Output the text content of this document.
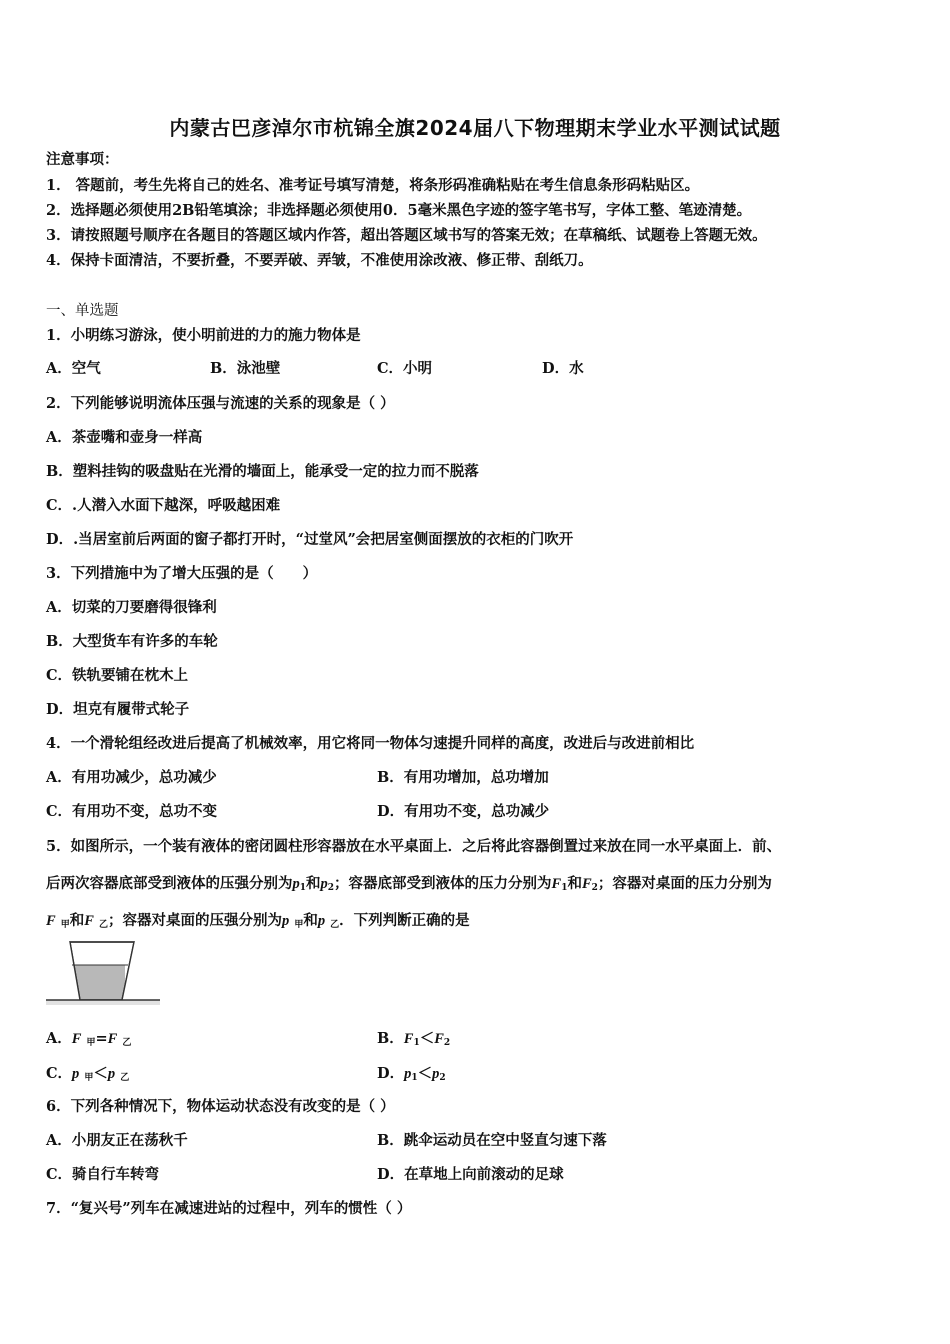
内蒙古巴彦淖尔市杭锦全旗2024届八下物理期末学业水平测试试题
注意事项：
1． 答题前，考生先将自己的姓名、准考证号填写清楚，将条形码准确粘贴在考生信息条形码粘贴区。
2．选择题必须使用2B铅笔填涂；非选择题必须使用0．5毫米黑色字迹的签字笔书写，字体工整、笔迹清楚。
3．请按照题号顺序在各题目的答题区域内作答，超出答题区域书写的答案无效；在草稿纸、试题卷上答题无效。
4．保持卡面清洁，不要折叠，不要弄破、弄皱，不准使用涂改液、修正带、刮纸刀。
一、单选题
1．小明练习游泳，使小明前进的力的施力物体是
A．空气	B．泳池壁	C．小明	D．水
2．下列能够说明流体压强与流速的关系的现象是（ ）
A．茶壶嘴和壶身一样高
B．塑料挂钩的吸盘贴在光滑的墙面上，能承受一定的拉力而不脱落
C．.人潜入水面下越深，呼吸越困难
D．.当居室前后两面的窗子都打开时，“过堂风”会把居室侧面摆放的衣柜的门吹开
3．下列措施中为了增大压强的是（　　）
A．切菜的刀要磨得很锋利
B．大型货车有许多的车轮
C．铁轨要铺在枕木上
D．坦克有履带式轮子
4．一个滑轮组经改进后提高了机械效率，用它将同一物体匀速提升同样的高度，改进后与改进前相比
A．有用功减少，总功减少	B．有用功增加，总功增加
C．有用功不变，总功不变	D．有用功不变，总功减少
5．如图所示，一个装有液体的密闭圆柱形容器放在水平桌面上．之后将此容器倒置过来放在同一水平桌面上．前、
后两次容器底部受到液体的压强分别为$p_1$和$p_2$；容器底部受到液体的压力分别为$F_1$和$F_2$；容器对桌面的压力分别为
F $_甲$和F $_乙$；容器对桌面的压强分别为p $_甲$和p $_乙$．下列判断正确的是
A．F $_甲$=F $_乙$	B．$F_1<F_2$
C．p $_甲$＜p $_乙$	D．$p_1<p_2$
6．下列各种情况下，物体运动状态没有改变的是（ ）
A．小朋友正在荡秋千	B．跳伞运动员在空中竖直匀速下落
C．骑自行车转弯	D．在草地上向前滚动的足球
7．“复兴号”列车在减速进站的过程中，列车的惯性（ ）
